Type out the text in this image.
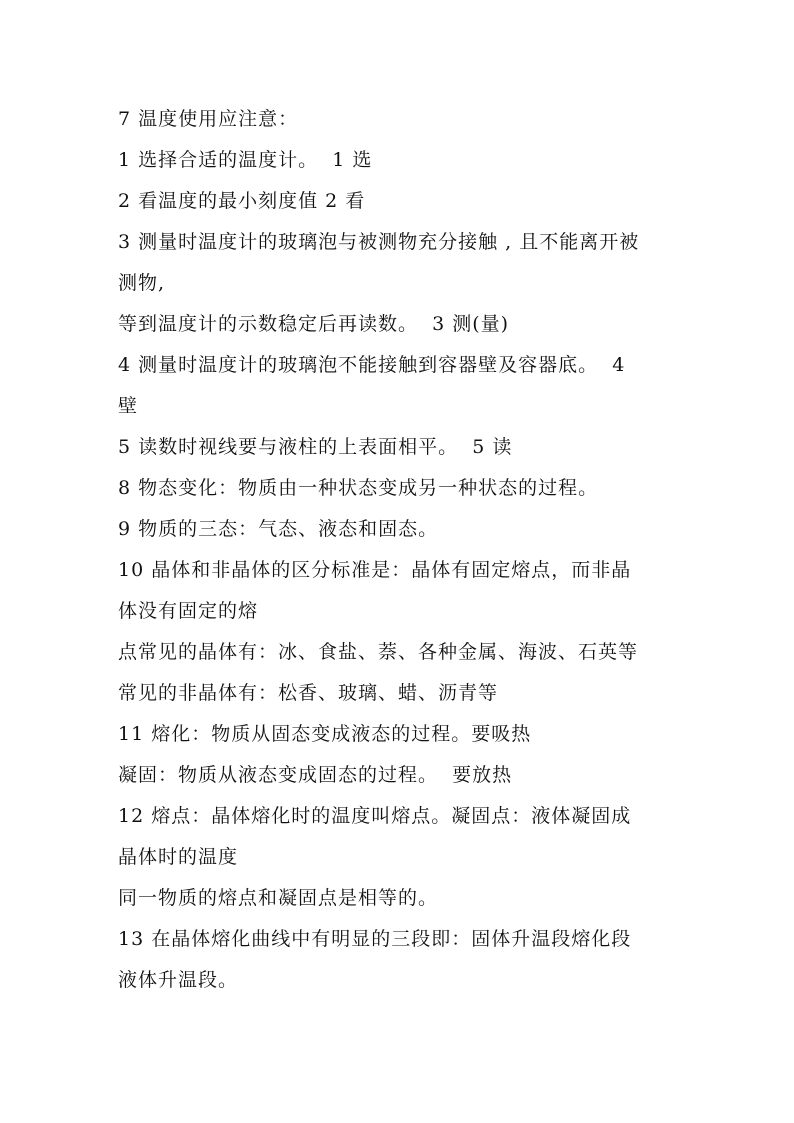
7 温度使用应注意：
1 选择合适的温度计。  1 选
2 看温度的最小刻度值 2 看
3 测量时温度计的玻璃泡与被测物充分接触 , 且不能离开被
测物,
等到温度计的示数稳定后再读数。  3 测(量)
4 测量时温度计的玻璃泡不能接触到容器壁及容器底。  4
壁
5 读数时视线要与液柱的上表面相平。  5 读
8 物态变化：物质由一种状态变成另一种状态的过程。
9 物质的三态：气态、液态和固态。
10 晶体和非晶体的区分标准是：晶体有固定熔点，而非晶
体没有固定的熔
点常见的晶体有：冰、食盐、萘、各种金属、海波、石英等
常见的非晶体有：松香、玻璃、蜡、沥青等
11 熔化：物质从固态变成液态的过程。要吸热
凝固：物质从液态变成固态的过程。  要放热
12 熔点：晶体熔化时的温度叫熔点。凝固点：液体凝固成
晶体时的温度
同一物质的熔点和凝固点是相等的。
13 在晶体熔化曲线中有明显的三段即：固体升温段熔化段
液体升温段。
